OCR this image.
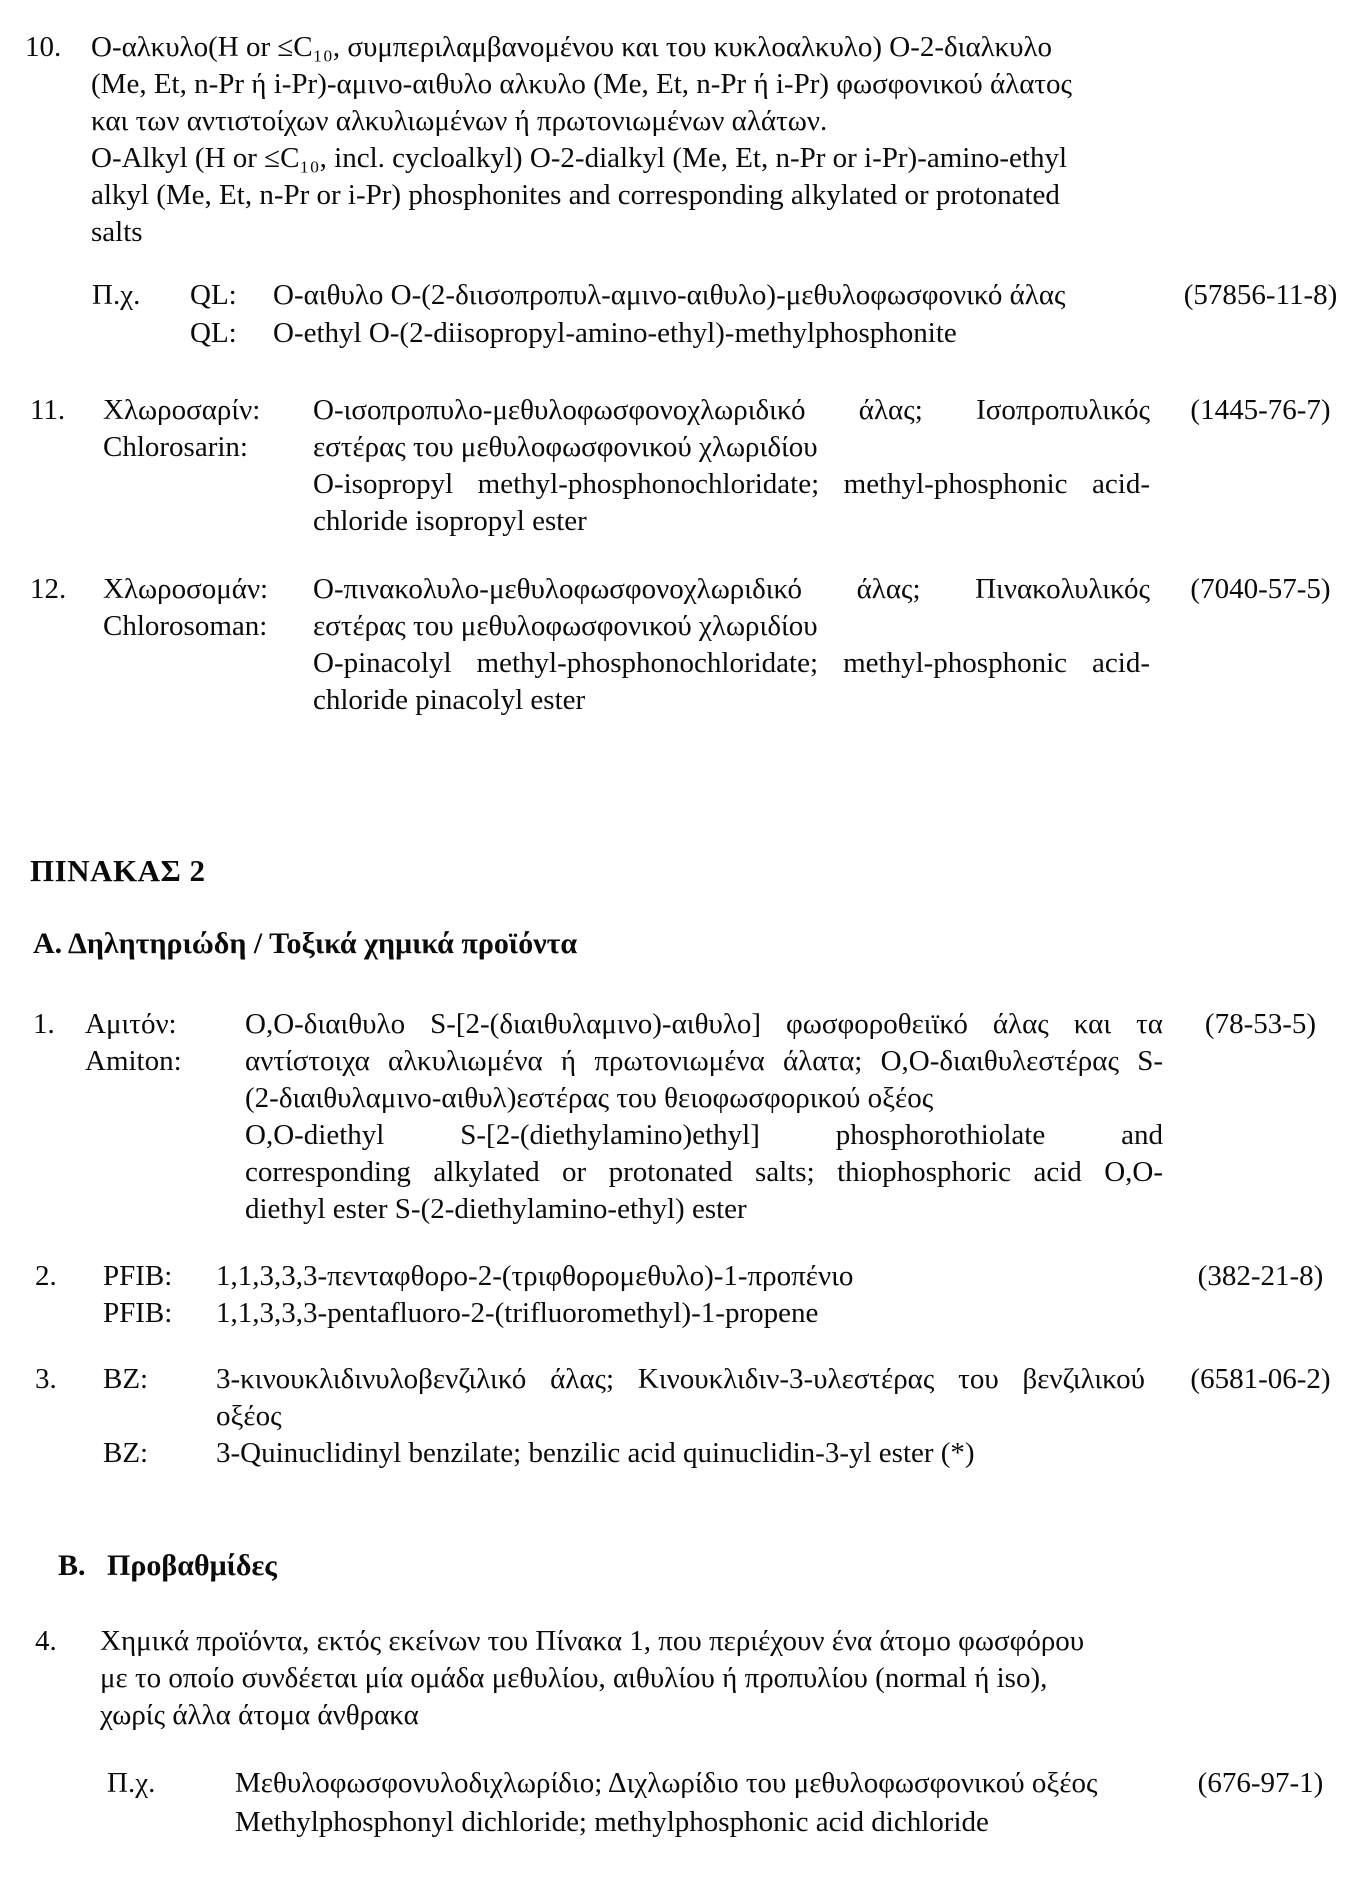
10. Ο-αλκυλο(Η or ≤C₁₀, συμπεριλαμβανομένου και του κυκλοαλκυλο) Ο-2-διαλκυλο
(Me, Et, n-Pr ή i-Pr)-αμινο-αιθυλο αλκυλο (Me, Et, n-Pr ή i-Pr) φωσφονικού άλατος
και των αντιστοίχων αλκυλιωμένων ή πρωτονιωμένων αλάτων.
O-Alkyl (H or ≤C₁₀, incl. cycloalkyl) O-2-dialkyl (Me, Et, n-Pr or i-Pr)-amino-ethyl
alkyl (Me, Et, n-Pr or i-Pr) phosphonites and corresponding alkylated or protonated
salts
Π.χ. QL: Ο-αιθυλο Ο-(2-διισοπροπυλ-αμινο-αιθυλο)-μεθυλοφωσφονικό άλας	(57856-11-8)
QL: O-ethyl O-(2-diisopropyl-amino-ethyl)-methylphosphonite
11. Χλωροσαρίν: Ο-ισοπροπυλο-μεθυλοφωσφονοχλωριδικό άλας; Ισοπροπυλικός	(1445-76-7)
Chlorosarin: εστέρας του μεθυλοφωσφονικού χλωριδίου
O-isopropyl methyl-phosphonochloridate; methyl-phosphonic acid-
chloride isopropyl ester
12. Χλωροσομάν: Ο-πινακολυλο-μεθυλοφωσφονοχλωριδικό άλας; Πινακολυλικός	(7040-57-5)
Chlorosoman: εστέρας του μεθυλοφωσφονικού χλωριδίου
O-pinacolyl methyl-phosphonochloridate; methyl-phosphonic acid-
chloride pinacolyl ester
ΠΙΝΑΚΑΣ 2
Α. Δηλητηριώδη / Τοξικά χημικά προϊόντα
1. Αμιτόν: Ο,Ο-διαιθυλο S-[2-(διαιθυλαμινο)-αιθυλο] φωσφοροθειϊκό άλας και τα	(78-53-5)
Amiton: αντίστοιχα αλκυλιωμένα ή πρωτονιωμένα άλατα; Ο,Ο-διαιθυλεστέρας S-
(2-διαιθυλαμινο-αιθυλ)εστέρας του θειοφωσφορικού οξέος
O,O-diethyl S-[2-(diethylamino)ethyl] phosphorothiolate and
corresponding alkylated or protonated salts; thiophosphoric acid O,O-
diethyl ester S-(2-diethylamino-ethyl) ester
2. PFIB: 1,1,3,3,3-πενταφθορο-2-(τριφθορομεθυλο)-1-προπένιο	(382-21-8)
PFIB: 1,1,3,3,3-pentafluoro-2-(trifluoromethyl)-1-propene
3. BZ: 3-κινουκλιδινυλοβενζιλικό άλας; Κινουκλιδιν-3-υλεστέρας του βενζιλικού	(6581-06-2)
οξέος
BZ: 3-Quinuclidinyl benzilate; benzilic acid quinuclidin-3-yl ester (*)
Β. Προβαθμίδες
4. Χημικά προϊόντα, εκτός εκείνων του Πίνακα 1, που περιέχουν ένα άτομο φωσφόρου
με το οποίο συνδέεται μία ομάδα μεθυλίου, αιθυλίου ή προπυλίου (normal ή iso),
χωρίς άλλα άτομα άνθρακα
Π.χ.	Μεθυλοφωσφονυλοδιχλωρίδιο; Διχλωρίδιο του μεθυλοφωσφονικού οξέος	(676-97-1)
Methylphosphonyl dichloride; methylphosphonic acid dichloride
